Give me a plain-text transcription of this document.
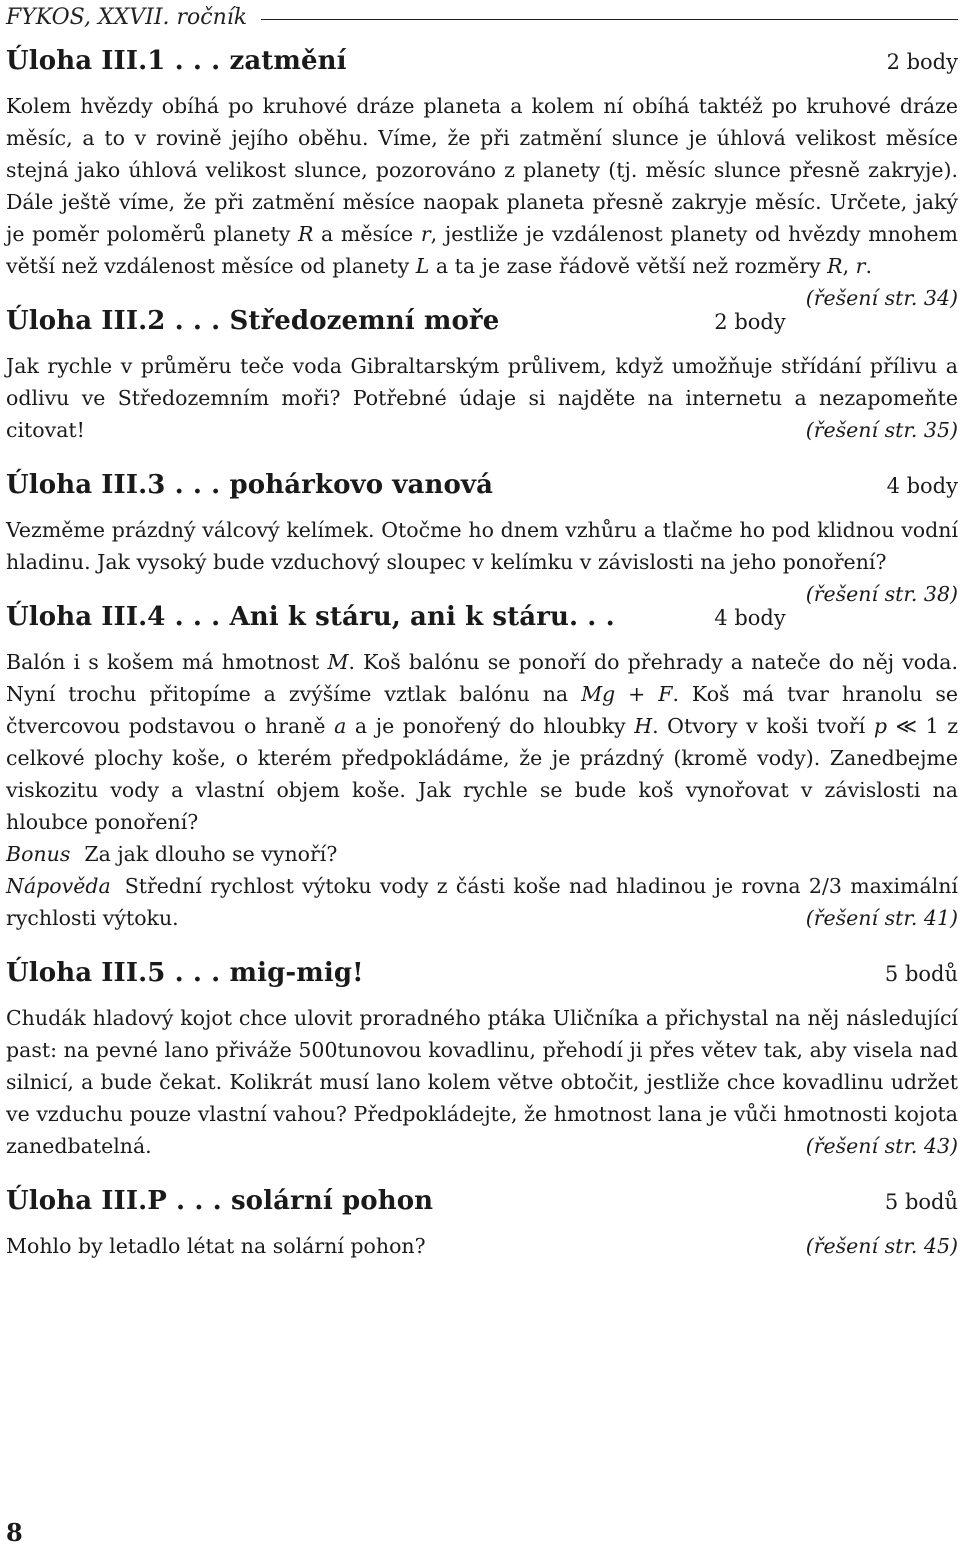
FYKOS, XXVII. ročník
Úloha III.1 . . . zatmění	2 body

Kolem hvězdy obíhá po kruhové dráze planeta a kolem ní obíhá taktéž po kruhové dráze měsíc, a to v rovině jejího oběhu. Víme, že při zatmění slunce je úhlová velikost měsíce stejná jako úhlová velikost slunce, pozorováno z planety (tj. měsíc slunce přesně zakryje). Dále ještě víme, že při zatmění měsíce naopak planeta přesně zakryje měsíc. Určete, jaký je poměr poloměrů planety R a měsíce r, jestliže je vzdálenost planety od hvězdy mnohem větší než vzdálenost měsíce od planety L a ta je zase řádově větší než rozměry R, r.
(řešení str. 34)

Úloha III.2 . . . Středozemní moře	2 body

Jak rychle v průměru teče voda Gibraltarským průlivem, když umožňuje střídání přílivu a odlivu ve Středozemním moři? Potřebné údaje si najděte na internetu a nezapomeňte citovat!	(řešení str. 35)

Úloha III.3 . . . pohárkovo vanová	4 body

Vezměme prázdný válcový kelímek. Otočme ho dnem vzhůru a tlačme ho pod klidnou vodní hladinu. Jak vysoký bude vzduchový sloupec v kelímku v závislosti na jeho ponoření?
(řešení str. 38)

Úloha III.4 . . . Ani k stáru, ani k stáru. . .	4 body

Balón i s košem má hmotnost M. Koš balónu se ponoří do přehrady a nateče do něj voda. Nyní trochu přitopíme a zvýšíme vztlak balónu na Mg + F. Koš má tvar hranolu se čtvercovou podstavou o hraně a a je ponořený do hloubky H. Otvory v koši tvoří p ≪ 1 z celkové plochy koše, o kterém předpokládáme, že je prázdný (kromě vody). Zanedbejme viskozitu vody a vlastní objem koše. Jak rychle se bude koš vynořovat v závislosti na hloubce ponoření?

Bonus Za jak dlouho se vynoří?

Nápověda Střední rychlost výtoku vody z části koše nad hladinou je rovna 2/3 maximální rychlosti výtoku.	(řešení str. 41)

Úloha III.5 . . . mig-mig!	5 bodů

Chudák hladový kojot chce ulovit proradného ptáka Uličníka a přichystal na něj následující past: na pevné lano přiváže 500tunovou kovadlinu, přehodí ji přes větev tak, aby visela nad silnicí, a bude čekat. Kolikrát musí lano kolem větve obtočit, jestliže chce kovadlinu udržet ve vzduchu pouze vlastní vahou? Předpokládejte, že hmotnost lana je vůči hmotnosti kojota zanedbatelná.	(řešení str. 43)

Úloha III.P . . . solární pohon	5 bodů

Mohlo by letadlo létat na solární pohon?	(řešení str. 45)

8
